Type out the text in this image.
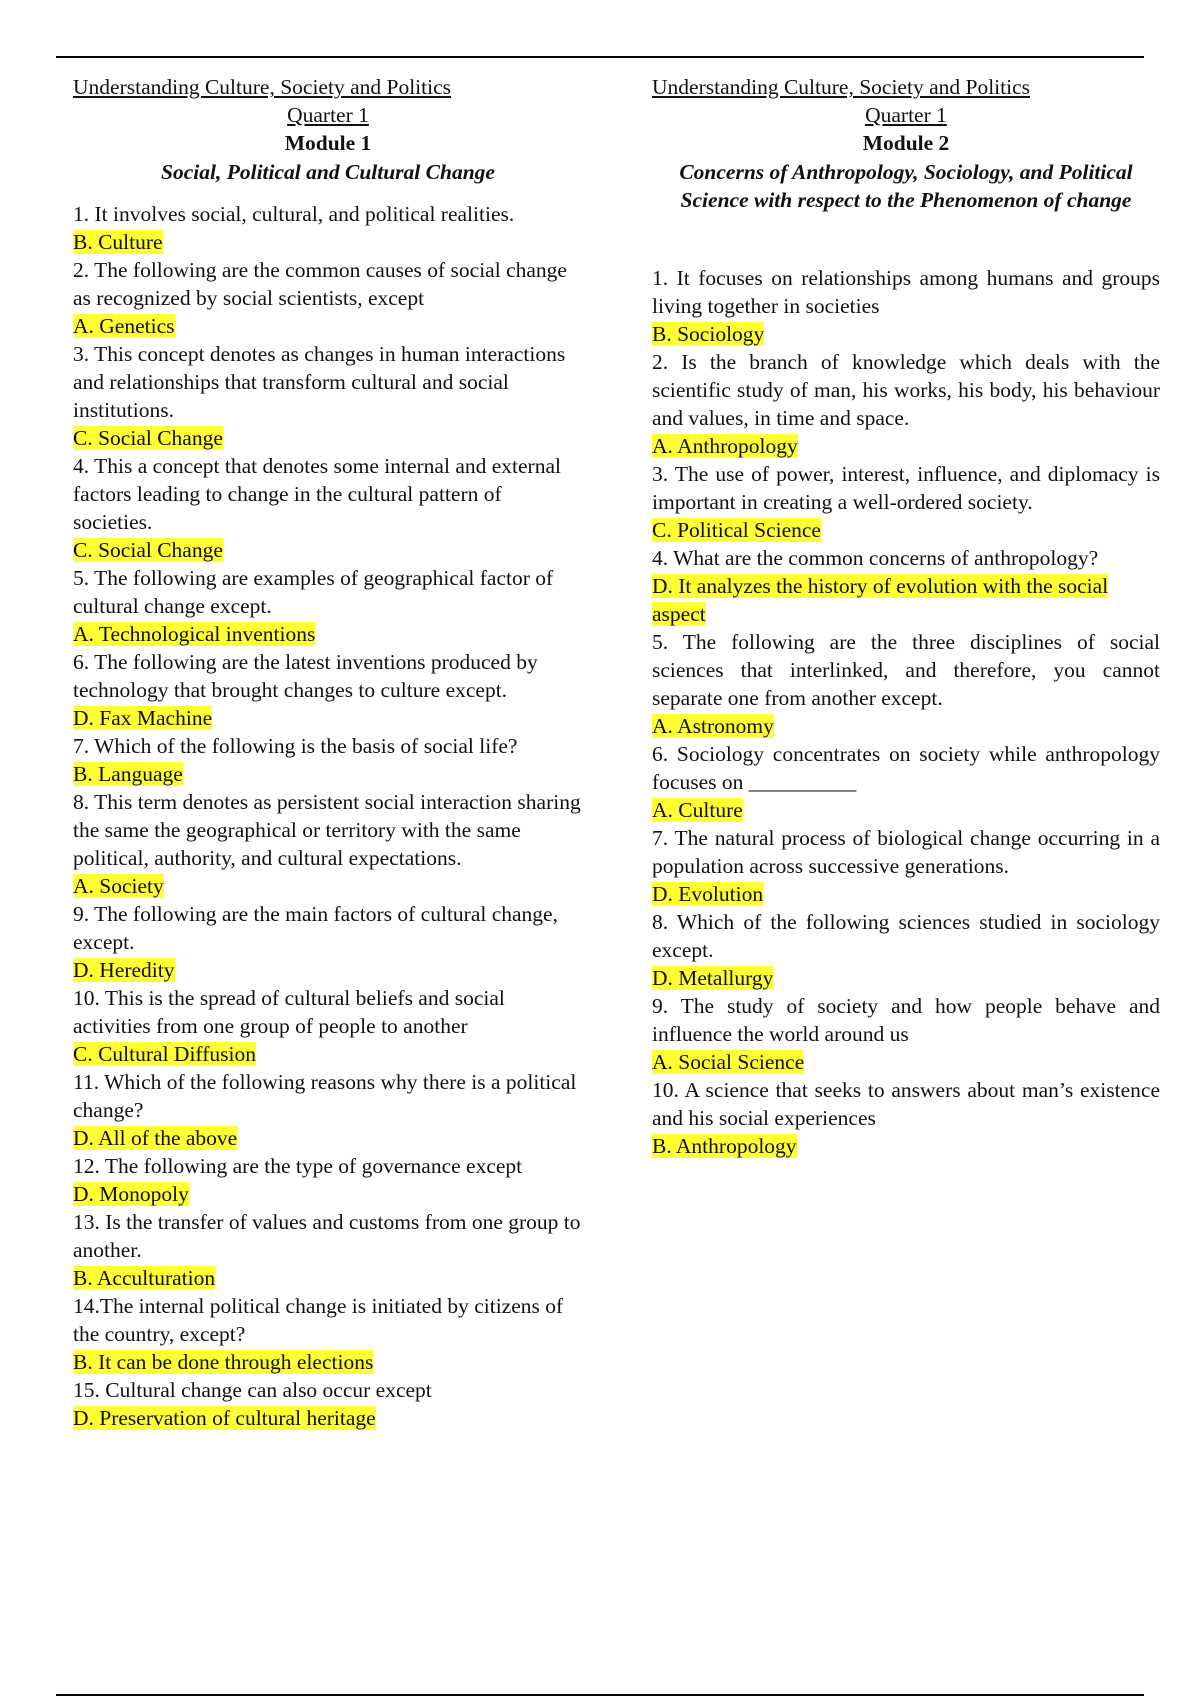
Understanding Culture, Society and Politics
Quarter 1
Module 1
Social, Political and Cultural Change
1. It involves social, cultural, and political realities.
B. Culture
2. The following are the common causes of social change as recognized by social scientists, except
A. Genetics
3. This concept denotes as changes in human interactions and relationships that transform cultural and social institutions.
C. Social Change
4. This a concept that denotes some internal and external factors leading to change in the cultural pattern of societies.
C. Social Change
5. The following are examples of geographical factor of cultural change except.
A. Technological inventions
6. The following are the latest inventions produced by technology that brought changes to culture except.
D. Fax Machine
7. Which of the following is the basis of social life?
B. Language
8. This term denotes as persistent social interaction sharing the same the geographical or territory with the same political, authority, and cultural expectations.
A. Society
9. The following are the main factors of cultural change, except.
D. Heredity
10. This is the spread of cultural beliefs and social activities from one group of people to another
C. Cultural Diffusion
11. Which of the following reasons why there is a political change?
D. All of the above
12. The following are the type of governance except
D. Monopoly
13. Is the transfer of values and customs from one group to another.
B. Acculturation
14.The internal political change is initiated by citizens of the country, except?
B. It can be done through elections
15. Cultural change can also occur except
D. Preservation of cultural heritage
Understanding Culture, Society and Politics
Quarter 1
Module 2
Concerns of Anthropology, Sociology, and Political Science with respect to the Phenomenon of change
1. It focuses on relationships among humans and groups living together in societies
B. Sociology
2. Is the branch of knowledge which deals with the scientific study of man, his works, his body, his behaviour and values, in time and space.
A. Anthropology
3. The use of power, interest, influence, and diplomacy is important in creating a well-ordered society.
C. Political Science
4. What are the common concerns of anthropology?
D. It analyzes the history of evolution with the social aspect
5. The following are the three disciplines of social sciences that interlinked, and therefore, you cannot separate one from another except.
A. Astronomy
6. Sociology concentrates on society while anthropology focuses on __________
A. Culture
7. The natural process of biological change occurring in a population across successive generations.
D. Evolution
8. Which of the following sciences studied in sociology except.
D. Metallurgy
9. The study of society and how people behave and influence the world around us
A. Social Science
10. A science that seeks to answers about man’s existence and his social experiences
B. Anthropology
